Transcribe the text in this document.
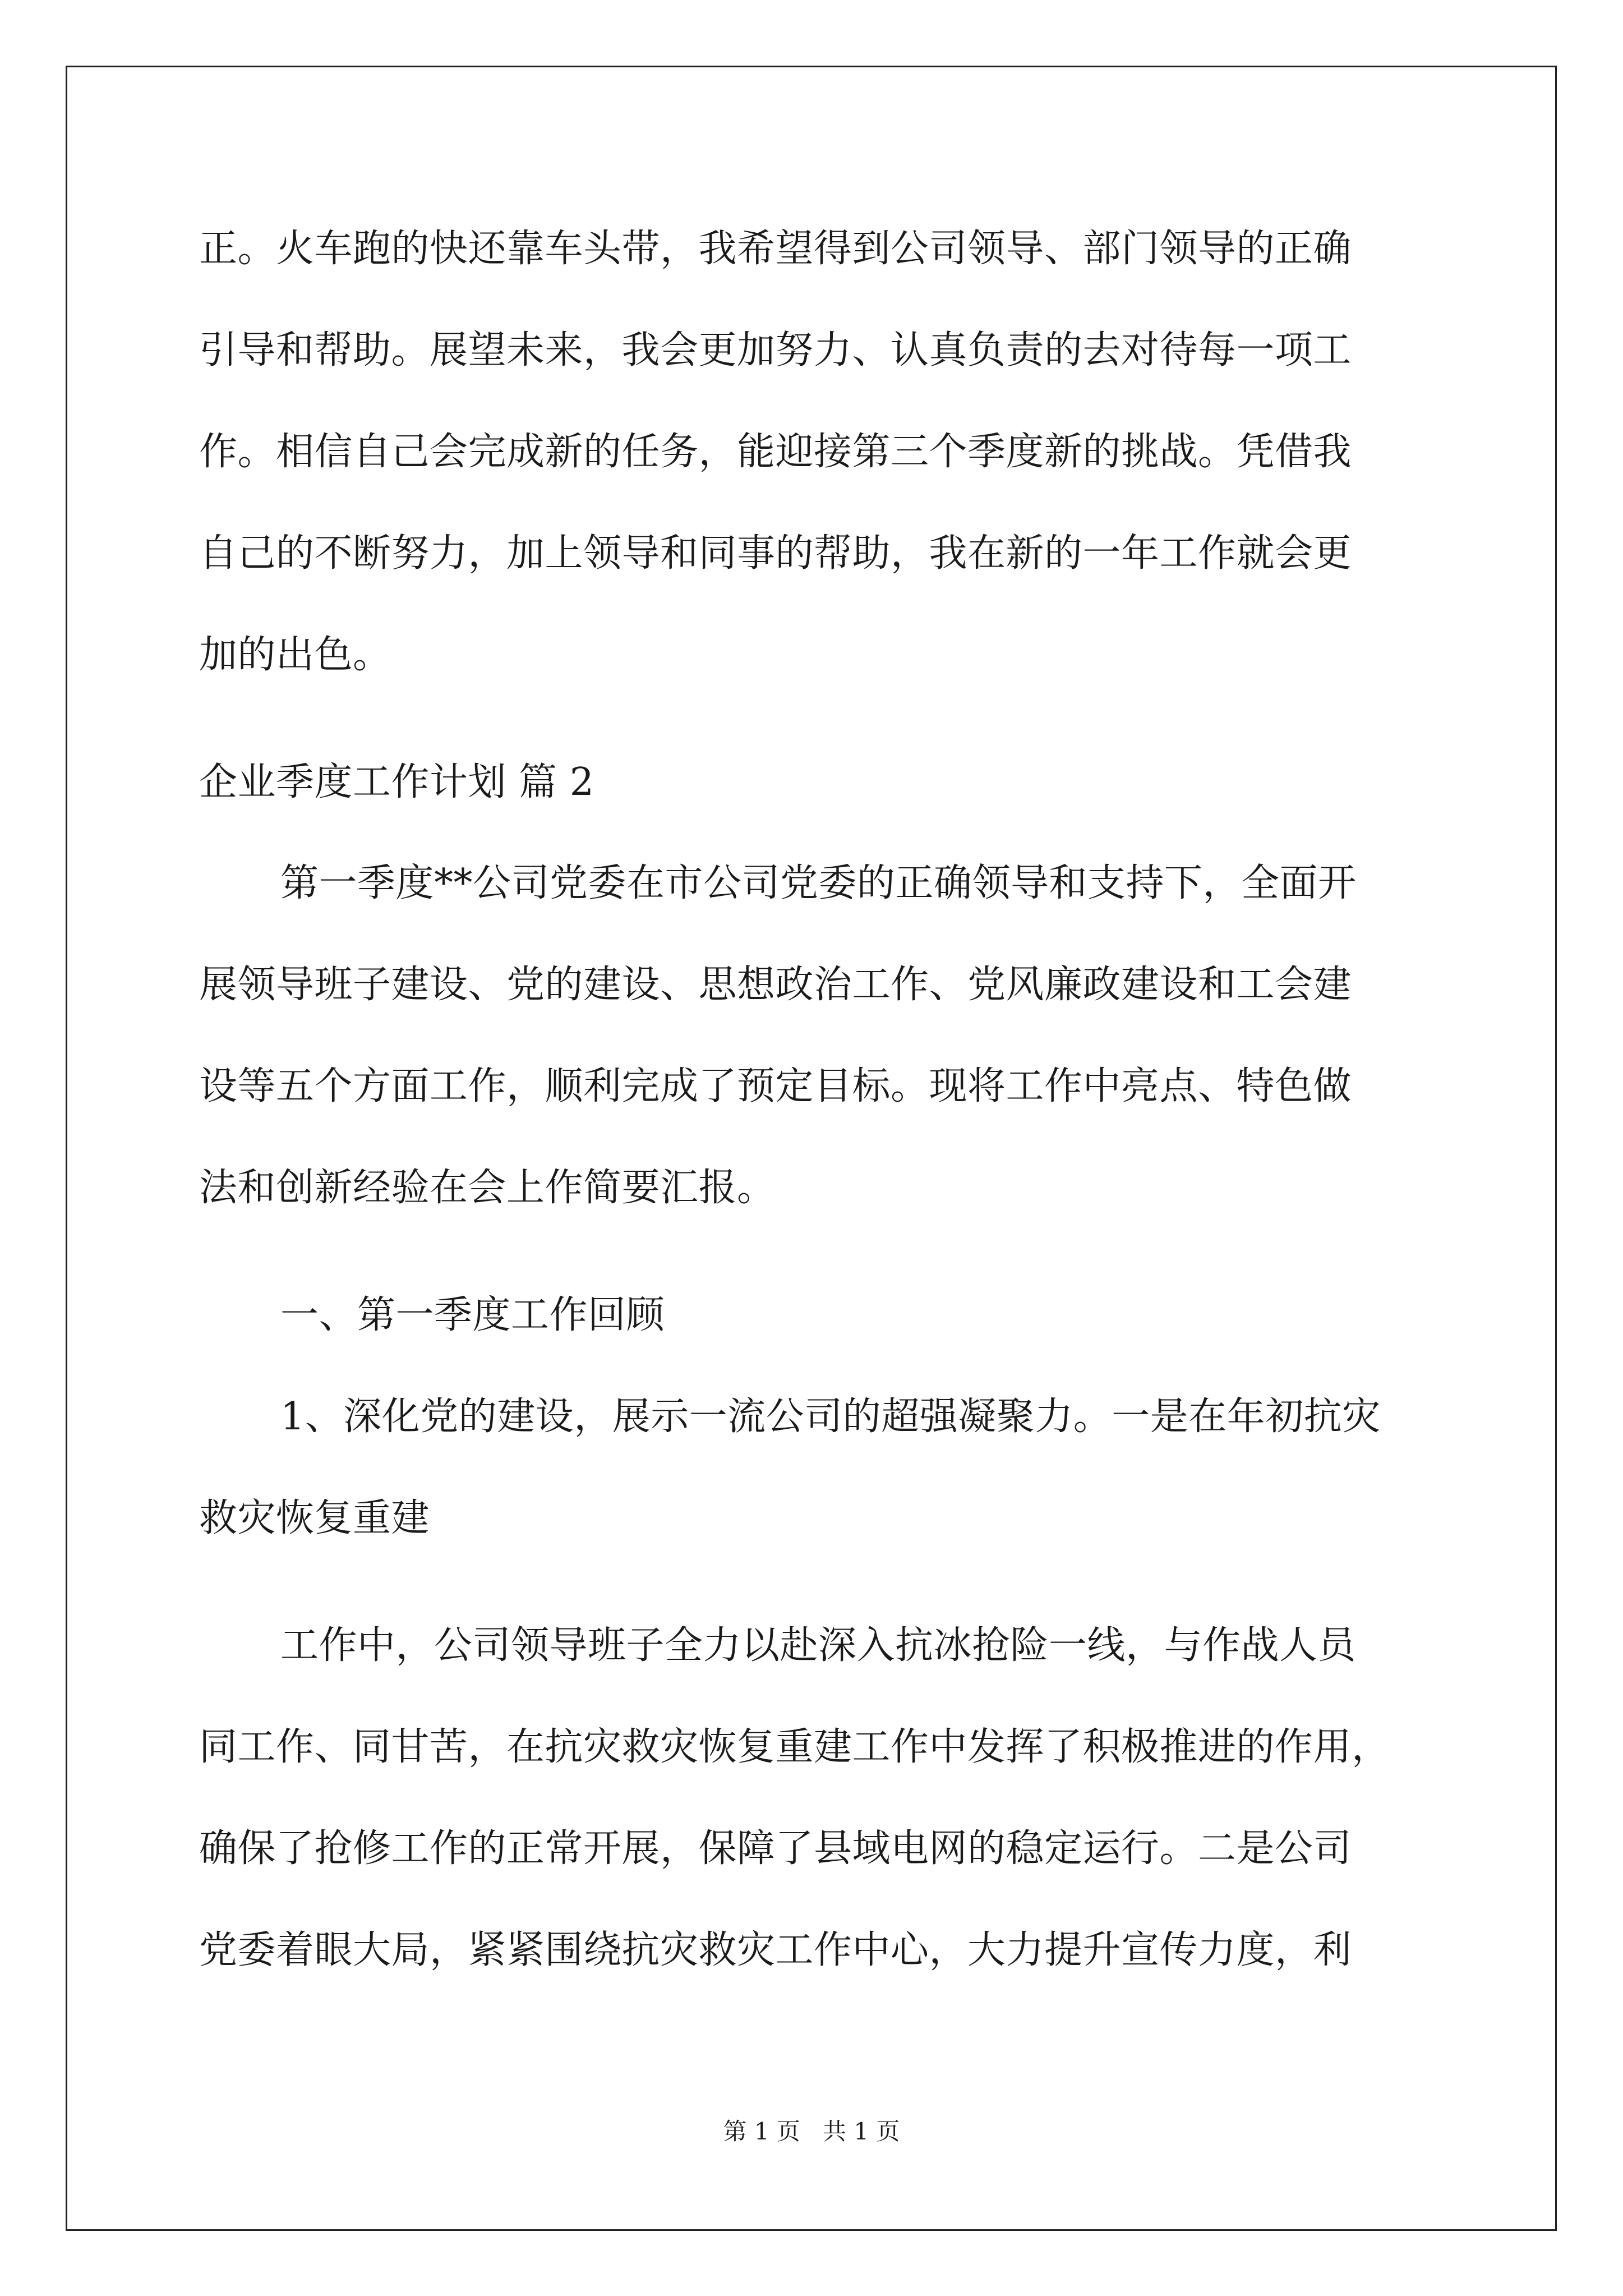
正。火车跑的快还靠车头带，我希望得到公司领导、部门领导的正确

引导和帮助。展望未来，我会更加努力、认真负责的去对待每一项工

作。相信自己会完成新的任务，能迎接第三个季度新的挑战。凭借我

自己的不断努力，加上领导和同事的帮助，我在新的一年工作就会更

加的出色。

企业季度工作计划 篇 2

第一季度**公司党委在市公司党委的正确领导和支持下，全面开

展领导班子建设、党的建设、思想政治工作、党风廉政建设和工会建

设等五个方面工作，顺利完成了预定目标。现将工作中亮点、特色做

法和创新经验在会上作简要汇报。

一、第一季度工作回顾

1、深化党的建设，展示一流公司的超强凝聚力。一是在年初抗灾

救灾恢复重建

工作中，公司领导班子全力以赴深入抗冰抢险一线，与作战人员

同工作、同甘苦，在抗灾救灾恢复重建工作中发挥了积极推进的作用，

确保了抢修工作的正常开展，保障了县域电网的稳定运行。二是公司

党委着眼大局，紧紧围绕抗灾救灾工作中心，大力提升宣传力度，利

第 1 页   共 1 页
